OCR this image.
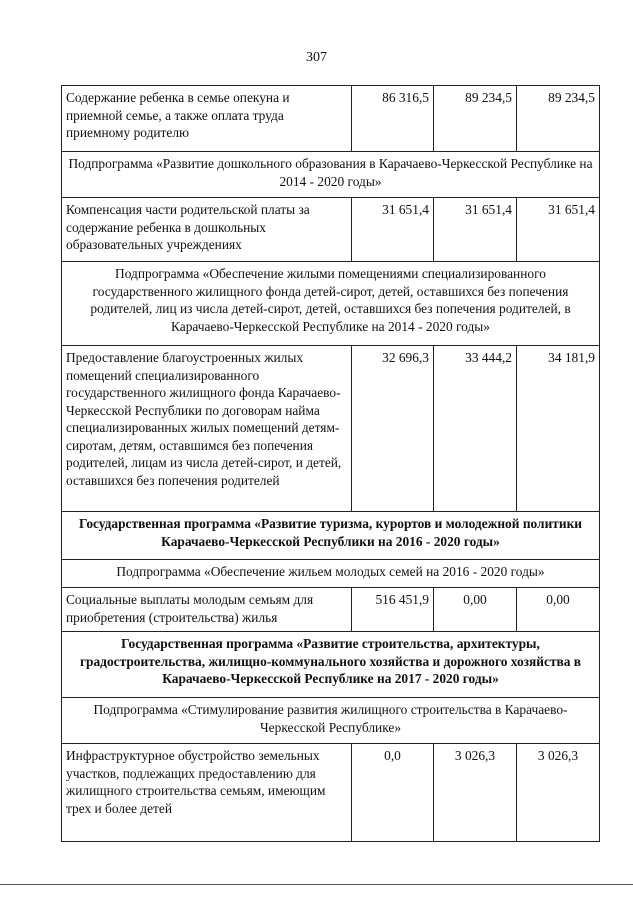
307
Содержание ребенка в семье опекуна и приемной семье, а также оплата труда приемному родителю	86 316,5	89 234,5	89 234,5
Подпрограмма «Развитие дошкольного образования в Карачаево-Черкесской Республике на 2014 - 2020 годы»			
Компенсация части родительской платы за содержание ребенка в дошкольных образовательных учреждениях	31 651,4	31 651,4	31 651,4
Подпрограмма «Обеспечение жилыми помещениями специализированного государственного жилищного фонда детей-сирот, детей, оставшихся без попечения родителей, лиц из числа детей-сирот, детей, оставшихся без попечения родителей, в Карачаево-Черкесской Республике на 2014 - 2020 годы»			
Предоставление благоустроенных жилых помещений специализированного государственного жилищного фонда Карачаево-Черкесской Республики по договорам найма специализированных жилых помещений детям-сиротам, детям, оставшимся без попечения родителей, лицам из числа детей-сирот, и детей, оставшихся без попечения родителей	32 696,3	33 444,2	34 181,9
Государственная программа «Развитие туризма, курортов и молодежной политики Карачаево-Черкесской Республики на 2016 - 2020 годы»			
Подпрограмма «Обеспечение жильем молодых семей на 2016 - 2020 годы»			
Социальные выплаты молодым семьям для приобретения (строительства) жилья	516 451,9	0,00	0,00
Государственная программа «Развитие строительства, архитектуры, градостроительства, жилищно-коммунального хозяйства и дорожного хозяйства в Карачаево-Черкесской Республике на 2017 - 2020 годы»			
Подпрограмма «Стимулирование развития жилищного строительства в Карачаево-Черкесской Республике»			
Инфраструктурное обустройство земельных участков, подлежащих предоставлению для жилищного строительства семьям, имеющим трех и более детей	0,0	3 026,3	3 026,3
